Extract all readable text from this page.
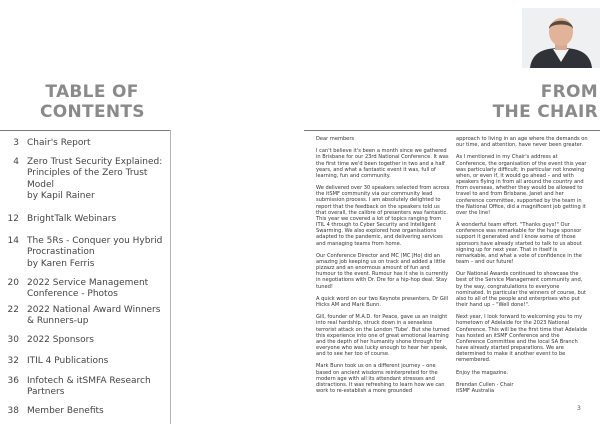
TABLE OF
CONTENTS
3 Chair's Report
4 Zero Trust Security Explained: Principles of the Zero Trust Model
by Kapil Rainer
12 BrightTalk Webinars
14 The 5Rs - Conquer you Hybrid Procrastination
by Karen Ferris
20 2022 Service Management Conference - Photos
22 2022 National Award Winners & Runners-up
30 2022 Sponsors
32 ITIL 4 Publications
36 Infotech & itSMFA Research Partners
38 Member Benefits
FROM
THE CHAIR

Dear members

I can't believe it's been a month since we gathered in Brisbane for our 23rd National Conference. It was the first time we'd been together in two and a half years, and what a fantastic event it was, full of learning, fun and community.

We delivered over 30 speakers selected from across the itSMF community via our community lead submission process. I am absolutely delighted to report that the feedback on the speakers told us that overall, the calibre of presenters was fantastic. This year we covered a lot of topics ranging from ITIL 4 through to Cyber Security and Intelligent Swarming. We also explored how organisations adapted to the pandemic, and delivering services and managing teams from home.

Our Conference Director and MC (MC JHo) did an amazing job keeping us on track and added a little pizzazz and an enormous amount of fun and humour to the event. Rumour has it she is currently in negotiations with Dr. Dre for a hip-hop deal. Stay tuned!

A quick word on our two Keynote presenters, Dr Gill Hicks AM and Mark Bunn.

Gill, founder of M.A.D. for Peace, gave us an insight into real hardship, struck down in a senseless terrorist attack on the London 'Tube'. But she turned this experience into one of great emotional learning and the depth of her humanity shone through for everyone who was lucky enough to hear her speak, and to see her too of course.

Mark Bunn took us on a different journey – one based on ancient wisdoms reinterpreted for the modern age with all its attendant stresses and distractions. It was refreshing to learn how we can work to re-establish a more grounded

approach to living in an age where the demands on our time, and attention, have never been greater.

As I mentioned in my Chair's address at Conference, the organisation of the event this year was particularly difficult; in particular not knowing when, or even if, it would go ahead – and with speakers flying in from all around the country and from overseas, whether they would be allowed to travel to and from Brisbane. Janet and her conference committee, supported by the team in the National Office, did a magnificent job getting it over the line!

A wonderful team effort. "Thanks guys!" Our conference was remarkable for the huge sponsor support it generated and I know some of those sponsors have already started to talk to us about signing up for next year. That in itself is remarkable, and what a vote of confidence in the team – and our future!

Our National Awards continued to showcase the best of the Service Management community and, by the way, congratulations to everyone nominated. In particular the winners of course, but also to all of the people and enterprises who put their hand up – "Well done!".

Next year, I look forward to welcoming you to my hometown of Adelaide for the 2023 National Conference. This will be the first time that Adelaide has hosted an itSMF Conference and the Conference Committee and the local SA Branch have already started preparations. We are determined to make it another event to be remembered.

Enjoy the magazine.

Brendan Cullen - Chair

itSMF Australia

3
